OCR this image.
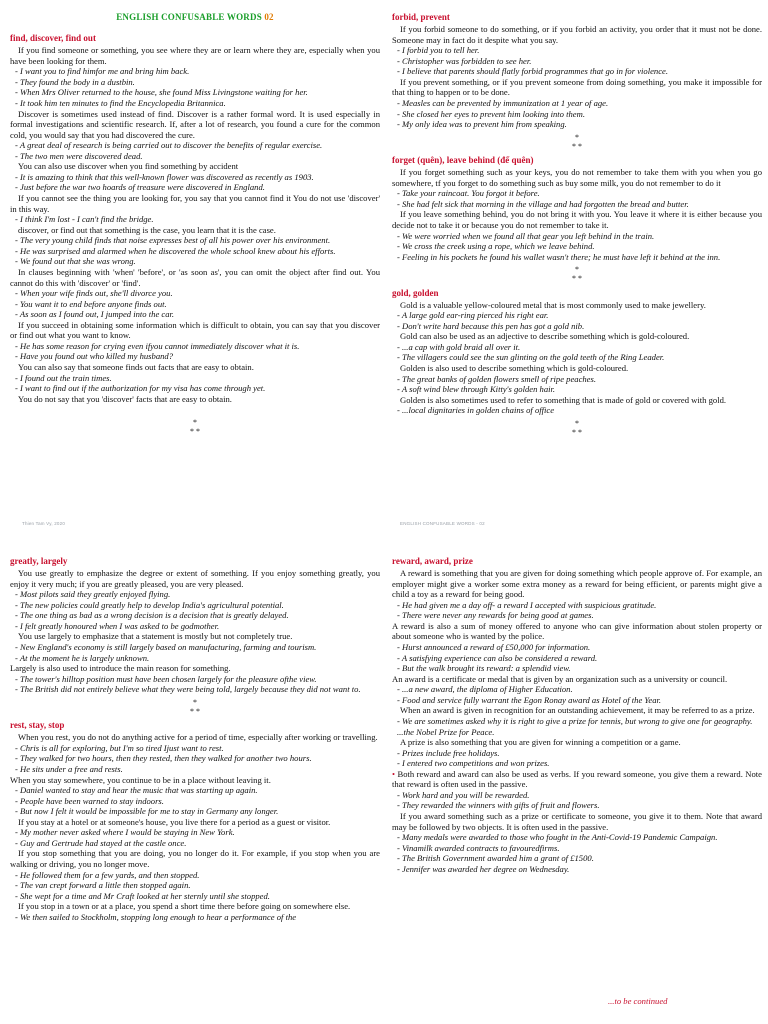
ENGLISH CONFUSABLE WORDS 02
find, discover, find out

If you find someone or something, you see where they are or learn where they are, especially when you have been looking for them.

- I want you to find himfor me and bring him back.
- They found the body in a dustbin.
- When Mrs Oliver returned to the house, she found Miss Livingstone waiting for her.
- It took him ten minutes to find the Encyclopedia Britannica.

Discover is sometimes used instead of find. Discover is a rather formal word. It is used especially in formal investigations and scientific research. If, after a lot of research, you found a cure for the common cold, you would say that you had discovered the cure.

- A great deal of research is being carried out to discover the benefits of regular exercise.
- The two men were discovered dead.

You can also use discover when you find something by accident

- It is amazing to think that this well-known flower was discovered as recently as 1903.
- Just before the war two hoards of treasure were discovered in England.

If you cannot see the thing you are looking for, you say that you cannot find it You do not use 'discover' in this way.

- I think I'm lost - I can't find the bridge.

discover, or find out that something is the case, you learn that it is the case.

- The very young child finds that noise expresses best of all his power over his environment.
- He was surprised and alarmed when he discovered the whole school knew about his efforts.
- We found out that she was wrong.

In clauses beginning with 'when' 'before', or 'as soon as', you can omit the object after find out. You cannot do this with 'discover' or 'find'.

- When your wife finds out, she'll divorce you.
- You want it to end before anyone finds out.
- As soon as I found out, I jumped into the car.

If you succeed in obtaining some information which is difficult to obtain, you can say that you discover or find out what you want to know.

- He has some reason for crying even ifyou cannot immediately discover what it is.
- Have you found out who killed my husband?

You can also say that someone finds out facts that are easy to obtain.

- I found out the train times.
- I want to find out if the authorization for my visa has come through yet.

You do not say that you 'discover' facts that are easy to obtain.

*
* *
Thien Tam Vy, 2020
forbid, prevent

If you forbid someone to do something, or if you forbid an activity, you order that it must not be done. Someone may in fact do it despite what you say.

- I forbid you to tell her.
- Christopher was forbidden to see her.
- I believe that parents should flatly forbid programmes that go in for violence.

If you prevent something, or if you prevent someone from doing something, you make it impossible for that thing to happen or to be done.

- Measles can be prevented by immunization at 1 year of age.
- She closed her eyes to prevent him looking into them.
- My only idea was to prevent him from speaking.
*
* *
forget (quên), leave behind (để quên)

If you forget something such as your keys, you do not remember to take them with you when you go somewhere, tf you forget to do something such as buy some milk, you do not remember to do it

- Take your raincoat. You forgot it before.
- She had felt sick that morning in the village and had forgotten the bread and butter.

If you leave something behind, you do not bring it with you. You leave it where it is either because you decide not to take it or because you do not remember to take it.

- We were worried when we found all that gear you left behind in the train.
- We cross the creek using a rope, which we leave behind.
- Feeling in his pockets he found his wallet wasn't there; he must have left it behind at the inn.
*
* *
gold, golden

Gold is a valuable yellow-coloured metal that is most commonly used to make jewellery.

- A large gold ear-ring pierced his right ear.
- Don't write hard because this pen has got a gold nib.

Gold can also be used as an adjective to describe something which is gold-coloured.

- ...a cap with gold braid all over it.
- The villagers could see the sun glinting on the gold teeth of the Ring Leader.

Golden is also used to describe something which is gold-coloured.

- The great banks of golden flowers smell of ripe peaches.
- A soft wind blew through Kitty's golden hair.

Golden is also sometimes used to refer to something that is made of gold or covered with gold.

- ...local dignitaries in golden chains of office
*
* *
ENGLISH CONFUSABLE WORDS - 02
greatly, largely

You use greatly to emphasize the degree or extent of something. If you enjoy something greatly, you enjoy it very much; if you are greatly pleased, you are very pleased.

- Most pilots said they greatly enjoyed flying.
- The new policies could greatly help to develop India's agricultural potential.
- The one thing as bad as a wrong decision is a decision that is greatly delayed.
- I felt greatly honoured when I was asked to be godmother.

You use largely to emphasize that a statement is mostly but not completely true.

- New England's economy is still largely based on manufacturing, farming and tourism.
- At the moment he is largely unknown.

Largely is also used to introduce the main reason for something.

- The tower's hilltop position must have been chosen largely for the pleasure ofthe view.
- The British did not entirely believe what they were being told, largely because they did not want to.
*
* *
rest, stay, stop

When you rest, you do not do anything active for a period of time, especially after working or travelling.

- Chris is all for exploring, but I'm so tired Ijust want to rest.
- They walked for two hours, then they rested, then they walked for another two hours.
- He sits under a free and rests.

When you stay somewhere, you continue to be in a place without leaving it.

- Daniel wanted to stay and hear the music that was starting up again.
- People have been warned to stay indoors.
- But now I felt it would be impossible for me to stay in Germany any longer.

If you stay at a hotel or at someone's house, you live there for a period as a guest or visitor.

- My mother never asked where I would be staying in New York.
- Guy and Gertrude had stayed at the castle once.

If you stop something that you are doing, you no longer do it. For example, if you stop when you are walking or driving, you no longer move.

- He followed them for a few yards, and then stopped.
- The van crept forward a little then stopped again.
- She wept for a time and Mr Craft looked at her sternly until she stopped.

If you stop in a town or at a place, you spend a short time there before going on somewhere else.

- We then sailed to Stockholm, stopping long enough to hear a performance of the
reward, award, prize

A reward is something that you are given for doing something which people approve of. For example, an employer might give a worker some extra money as a reward for being efficient, or parents might give a child a toy as a reward for being good.

- He had given me a day off- a reward I accepted with suspicious gratitude.
- There were never any rewards for being good at games.

A reward is also a sum of money offered to anyone who can give information about stolen property or about someone who is wanted by the police.

- Hurst announced a reward of £50,000 for information.
- A satisfying experience can also be considered a reward.
- But the walk brought its reward: a splendid view.

An award is a certificate or medal that is given by an organization such as a university or council.

- ...a new award, the diploma of Higher Education.
- Food and service fully warrant the Egon Ronay award as Hotel of the Year.

When an award is given in recognition for an outstanding achievement, it may be referred to as a prize.

- We are sometimes asked why it is right to give a prize for tennis, but wrong to give one for geography.
...the Nobel Prize for Peace.

A prize is also something that you are given for winning a competition or a game.

- Prizes include free holidays.
- I entered two competitions and won prizes.

• Both reward and award can also be used as verbs. If you reward someone, you give them a reward. Note that reward is often used in the passive.

- Work hard and you will be rewarded.
- They rewarded the winners with gifts of fruit and flowers.

If you award something such as a prize or certificate to someone, you give it to them. Note that award may be followed by two objects. It is often used in the passive.

- Many medals were awarded to those who fought in the Anti-Covid-19 Pandemic Campaign.
- Vinamilk awarded contracts to favouredfirms.
- The British Government awarded him a grant of £1500.
- Jennifer was awarded her degree on Wednesday.
...to be continued
